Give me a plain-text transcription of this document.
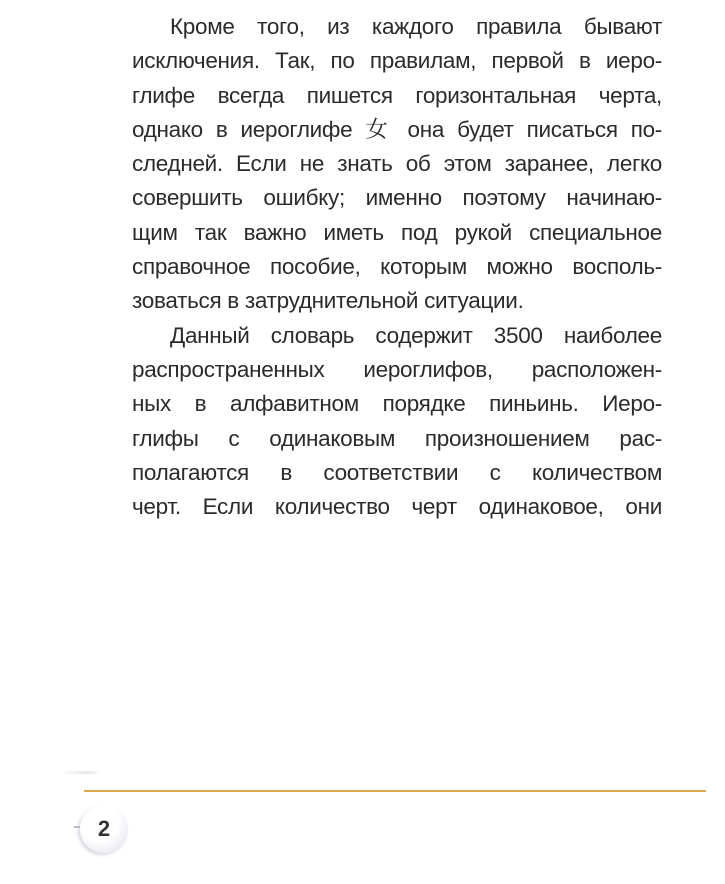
Кроме того, из каждого правила бывают
исключения. Так, по правилам, первой в иеро-
глифе всегда пишется горизонтальная черта,
однако в иероглифе 女 она будет писаться по-
следней. Если не знать об этом заранее, легко
совершить ошибку; именно поэтому начинаю-
щим так важно иметь под рукой специальное
справочное пособие, которым можно восполь-
зоваться в затруднительной ситуации.
Данный словарь содержит 3500 наиболее
распространенных иероглифов, расположен-
ных в алфавитном порядке пиньинь. Иеро-
глифы с одинаковым произношением рас-
полагаются в соответствии с количеством
черт. Если количество черт одинаковое, они
2
